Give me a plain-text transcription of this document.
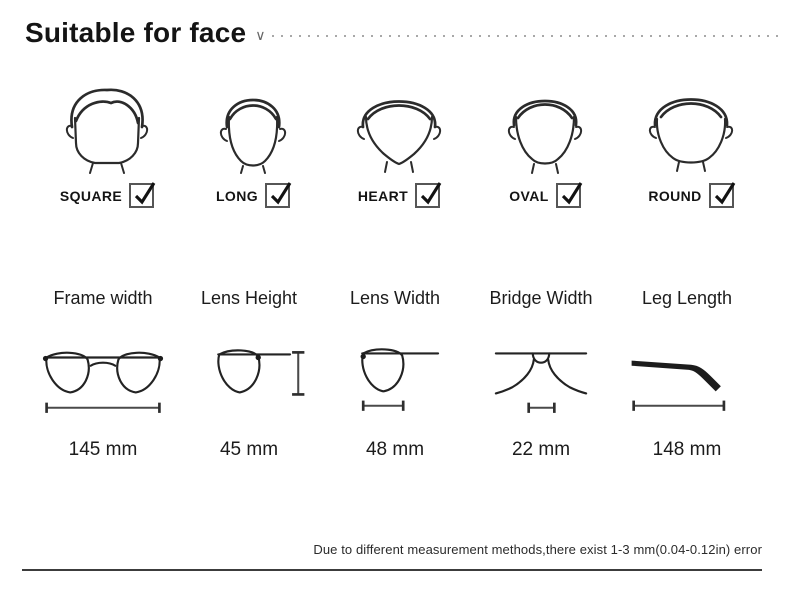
Suitable for face ∨
SQUARE	LONG	HEART	OVAL	ROUND
Frame width
145 mm
Lens Height
45 mm
Lens Width
48 mm
Bridge Width
22 mm
Leg Length
148 mm
Due to different measurement methods,there exist 1-3 mm(0.04-0.12in) error
